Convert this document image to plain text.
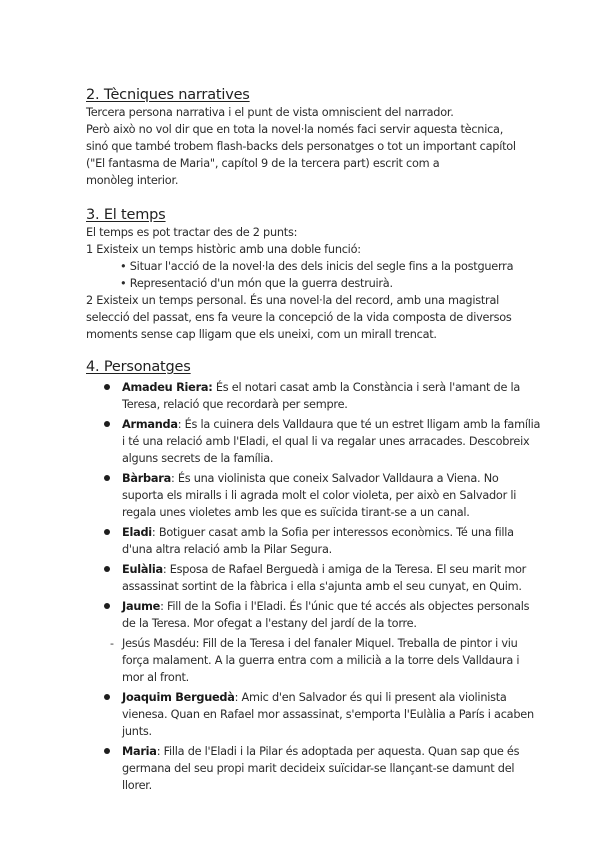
2. Tècniques narratives

Tercera persona narrativa i el punt de vista omniscient del narrador.

Però això no vol dir que en tota la novel·la només faci servir aquesta tècnica,

sinó que també trobem flash-backs dels personatges o tot un important capítol

("El fantasma de Maria", capítol 9 de la tercera part) escrit com a

monòleg interior.

3. El temps

El temps es pot tractar des de 2 punts:

1 Existeix un temps històric amb una doble funció:

• Situar l'acció de la novel·la des dels inicis del segle fins a la postguerra

• Representació d'un món que la guerra destruirà.

2 Existeix un temps personal. És una novel·la del record, amb una magistral

selecció del passat, ens fa veure la concepció de la vida composta de diversos

moments sense cap lligam que els uneixi, com un mirall trencat.

4. Personatges
Amadeu Riera: És el notari casat amb la Constància i serà l'amant de la Teresa, relació que recordarà per sempre.
Armanda: És la cuinera dels Valldaura que té un estret lligam amb la família i té una relació amb l'Eladi, el qual li va regalar unes arracades. Descobreix alguns secrets de la família.
Bàrbara: És una violinista que coneix Salvador Valldaura a Viena. No suporta els miralls i li agrada molt el color violeta, per això en Salvador li regala unes violetes amb les que es suïcida tirant-se a un canal.
Eladi: Botiguer casat amb la Sofia per interessos econòmics. Té una filla d'una altra relació amb la Pilar Segura.
Eulàlia: Esposa de Rafael Berguedà i amiga de la Teresa. El seu marit mor assassinat sortint de la fàbrica i ella s'ajunta amb el seu cunyat, en Quim.
Jaume: Fill de la Sofia i l'Eladi. És l'únic que té accés als objectes personals de la Teresa. Mor ofegat a l'estany del jardí de la torre.
- Jesús Masdéu: Fill de la Teresa i del fanaler Miquel. Treballa de pintor i viu força malament. A la guerra entra com a milicià a la torre dels Valldaura i mor al front.
Joaquim Berguedà: Amic d'en Salvador és qui li present ala violinista vienesa. Quan en Rafael mor assassinat, s'emporta l'Eulàlia a París i acaben junts.
Maria: Filla de l'Eladi i la Pilar és adoptada per aquesta. Quan sap que és germana del seu propi marit decideix suïcidar-se llançant-se damunt del llorer.
